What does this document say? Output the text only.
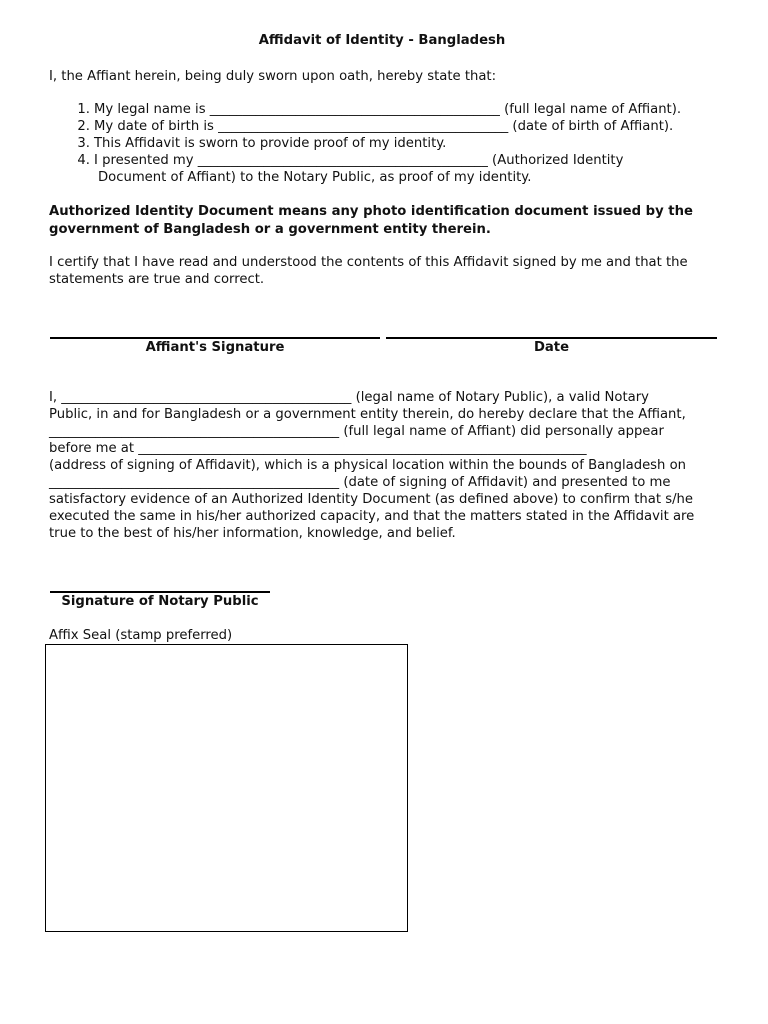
Affidavit of Identity - Bangladesh
I, the Affiant herein, being duly sworn upon oath, hereby state that:
1. My legal name is ____________________________________________ (full legal name of Affiant).
2. My date of birth is ____________________________________________ (date of birth of Affiant).
3. This Affidavit is sworn to provide proof of my identity.
4. I presented my ____________________________________________ (Authorized Identity
Document of Affiant) to the Notary Public, as proof of my identity.
Authorized Identity Document means any photo identification document issued by the
government of Bangladesh or a government entity therein.
I certify that I have read and understood the contents of this Affidavit signed by me and that the
statements are true and correct.
Affiant's Signature	Date
I, ____________________________________________ (legal name of Notary Public), a valid Notary
Public, in and for Bangladesh or a government entity therein, do hereby declare that the Affiant,
____________________________________________ (full legal name of Affiant) did personally appear
before me at ____________________________________________________________________
(address of signing of Affidavit), which is a physical location within the bounds of Bangladesh on
____________________________________________ (date of signing of Affidavit) and presented to me
satisfactory evidence of an Authorized Identity Document (as defined above) to confirm that s/he
executed the same in his/her authorized capacity, and that the matters stated in the Affidavit are
true to the best of his/her information, knowledge, and belief.
Signature of Notary Public
Affix Seal (stamp preferred)
